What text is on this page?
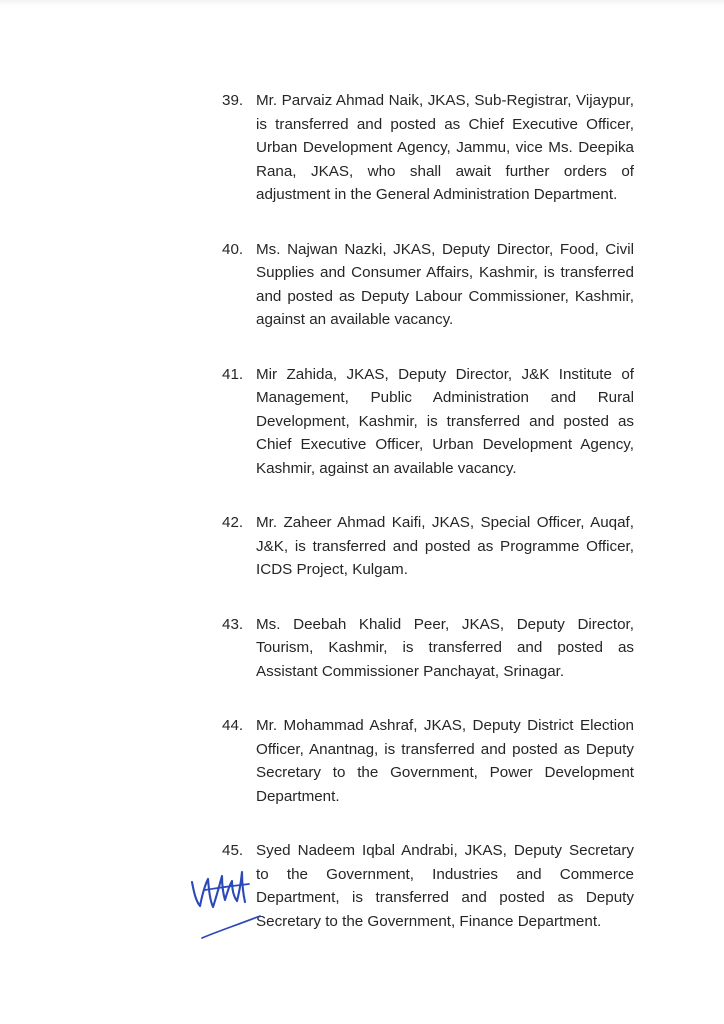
39. Mr. Parvaiz Ahmad Naik, JKAS, Sub-Registrar, Vijaypur, is transferred and posted as Chief Executive Officer, Urban Development Agency, Jammu, vice Ms. Deepika Rana, JKAS, who shall await further orders of adjustment in the General Administration Department.
40. Ms. Najwan Nazki, JKAS, Deputy Director, Food, Civil Supplies and Consumer Affairs, Kashmir, is transferred and posted as Deputy Labour Commissioner, Kashmir, against an available vacancy.
41. Mir Zahida, JKAS, Deputy Director, J&K Institute of Management, Public Administration and Rural Development, Kashmir, is transferred and posted as Chief Executive Officer, Urban Development Agency, Kashmir, against an available vacancy.
42. Mr. Zaheer Ahmad Kaifi, JKAS, Special Officer, Auqaf, J&K, is transferred and posted as Programme Officer, ICDS Project, Kulgam.
43. Ms. Deebah Khalid Peer, JKAS, Deputy Director, Tourism, Kashmir, is transferred and posted as Assistant Commissioner Panchayat, Srinagar.
44. Mr. Mohammad Ashraf, JKAS, Deputy District Election Officer, Anantnag, is transferred and posted as Deputy Secretary to the Government, Power Development Department.
45. Syed Nadeem Iqbal Andrabi, JKAS, Deputy Secretary to the Government, Industries and Commerce Department, is transferred and posted as Deputy Secretary to the Government, Finance Department.
